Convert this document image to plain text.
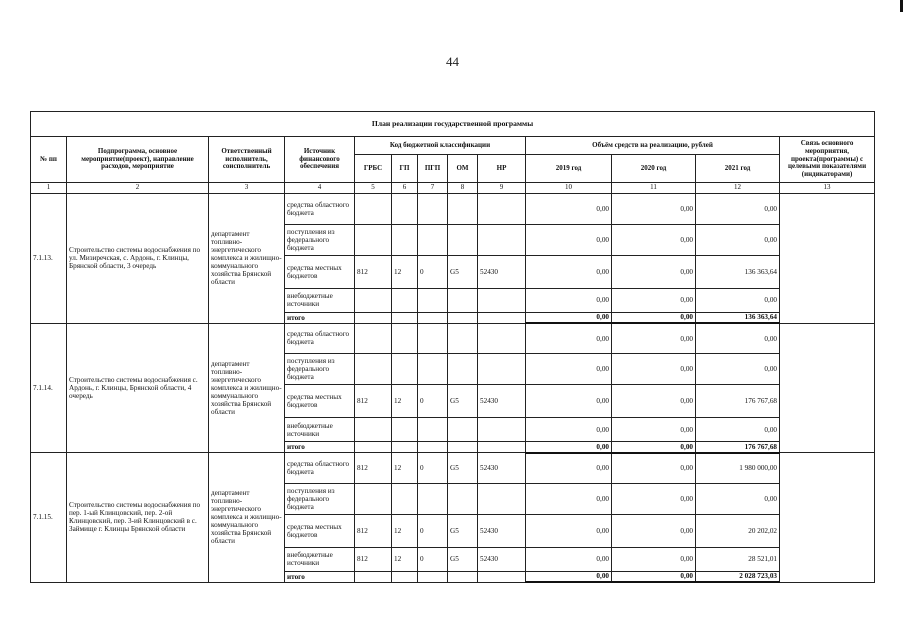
44
План реализации государственной программы												
№ пп	Подпрограмма, основное мероприятие(проект), направление расходов, мероприятие	Ответственный исполнитель, соисполнитель	Источник финансового обеспечения	Код бюджетной классификации					Объём средств на реализацию, рублей			Связь основного мероприятия, проекта(программы) с целевыми показателями (индикаторами)
				ГРБС	ГП	ПГП	ОМ	НР	2019 год	2020 год	2021 год	
1	2	3	4	5	6	7	8	9	10	11	12	13
7.1.13.	Строительство системы водоснабжения по ул. Мизиречская, с. Ардонь, г. Клинцы, Брянской области, 3 очередь	департамент топливно-энергетического комплекса и жилищно-коммунального хозяйства Брянской области	средства областного бюджета						0,00	0,00	0,00	
			поступления из федерального бюджета						0,00	0,00	0,00	
			средства местных бюджетов	812	12	0	G5	52430	0,00	0,00	136 363,64	
			внебюджетные источники						0,00	0,00	0,00	
			итого						0,00	0,00	136 363,64	
7.1.14.	Строительство системы водоснабжения с. Ардонь, г. Клинцы, Брянской области, 4 очередь	департамент топливно-энергетического комплекса и жилищно-коммунального хозяйства Брянской области	средства областного бюджета						0,00	0,00	0,00	
			поступления из федерального бюджета						0,00	0,00	0,00	
			средства местных бюджетов	812	12	0	G5	52430	0,00	0,00	176 767,68	
			внебюджетные источники						0,00	0,00	0,00	
			итого						0,00	0,00	176 767,68	
7.1.15.	Строительство системы водоснабжения по пер. 1-ый Клинцовский, пер. 2-ой Клинцовский, пер. 3-ий Клинцовский в с. Займище г. Клинцы Брянской области	департамент топливно-энергетического комплекса и жилищно-коммунального хозяйства Брянской области	средства областного бюджета	812	12	0	G5	52430	0,00	0,00	1 980 000,00	
			поступления из федерального бюджета						0,00	0,00	0,00	
			средства местных бюджетов	812	12	0	G5	52430	0,00	0,00	20 202,02	
			внебюджетные источники	812	12	0	G5	52430	0,00	0,00	28 521,01	
			итого						0,00	0,00	2 028 723,03	
